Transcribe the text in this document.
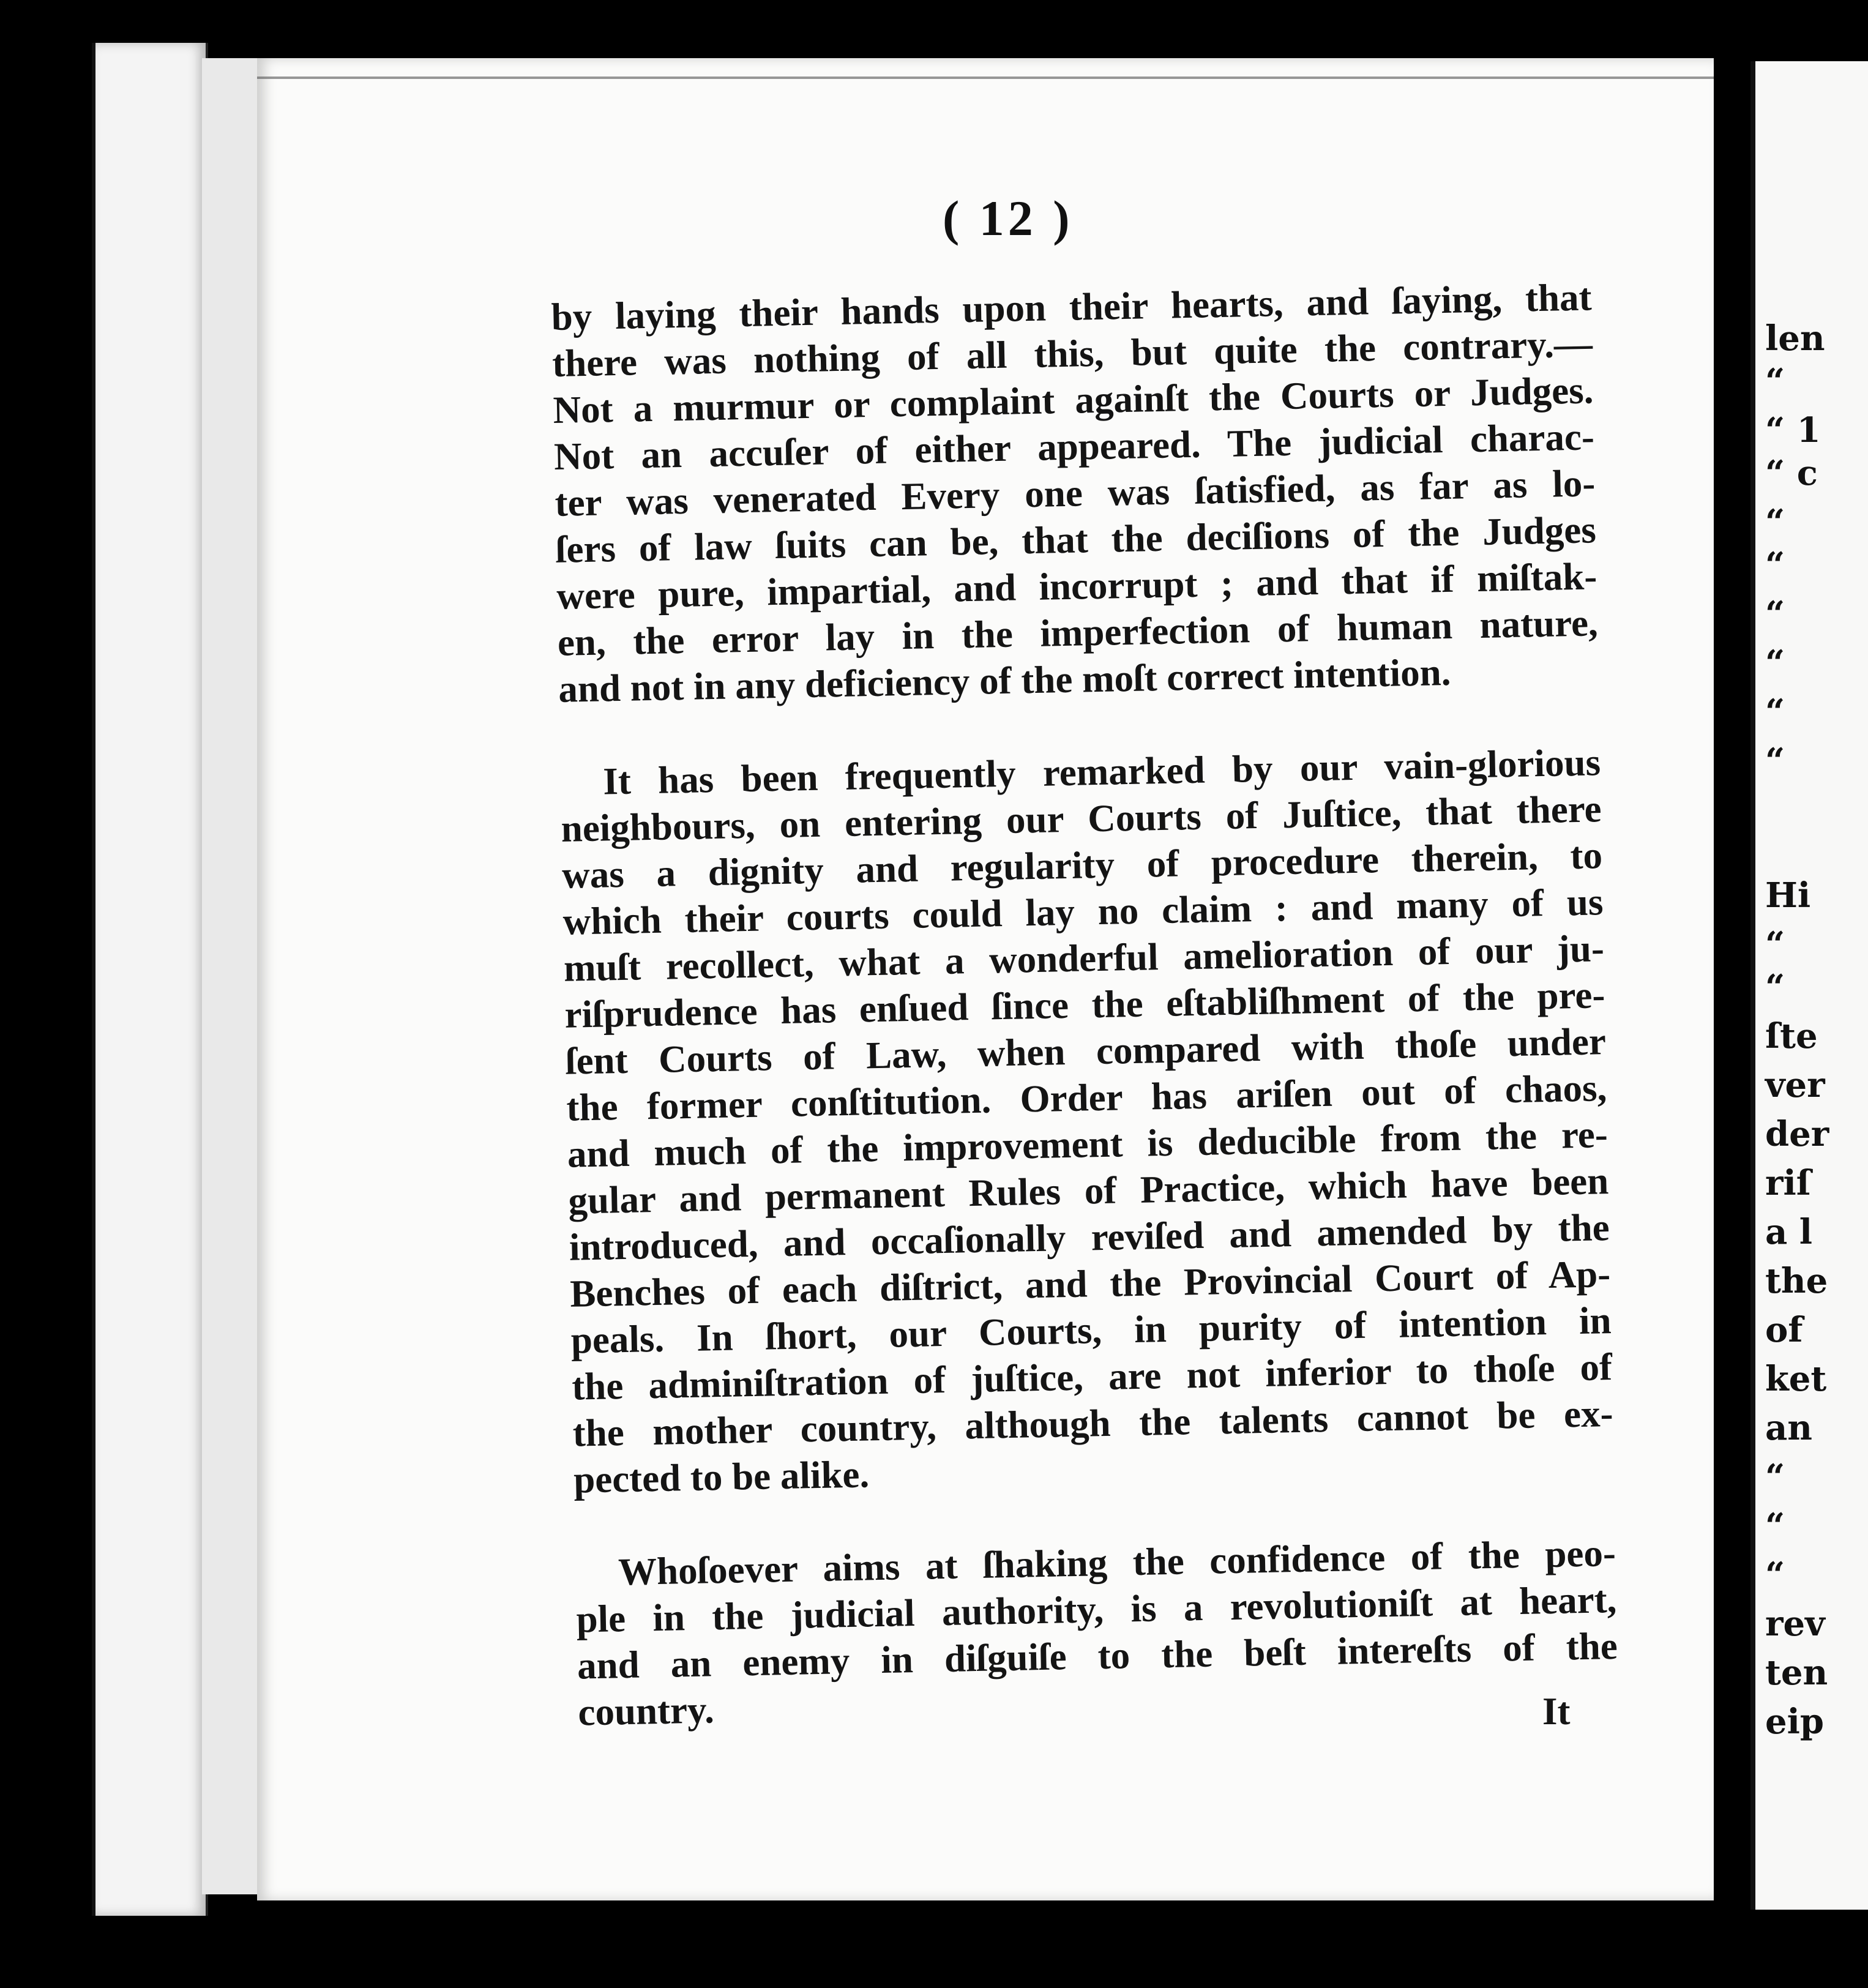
( 12 )

by laying their hands upon their hearts, and ſaying, that
there was nothing of all this, but quite the contrary.—
Not a murmur or complaint againſt the Courts or Judges.
Not an accuſer of either appeared. The judicial charac-
ter was venerated Every one was ſatisfied, as far as lo-
ſers of law ſuits can be, that the deciſions of the Judges
were pure, impartial, and incorrupt ; and that if miſtak-
en, the error lay in the imperfection of human nature,
and not in any deficiency of the moſt correct intention.

It has been frequently remarked by our vain-glorious
neighbours, on entering our Courts of Juſtice, that there
was a dignity and regularity of procedure therein, to
which their courts could lay no claim : and many of us
muſt recollect, what a wonderful amelioration of our ju-
riſprudence has enſued ſince the eſtabliſhment of the pre-
ſent Courts of Law, when compared with thoſe under
the former conſtitution. Order has ariſen out of chaos,
and much of the improvement is deducible from the re-
gular and permanent Rules of Practice, which have been
introduced, and occaſionally reviſed and amended by the
Benches of each diſtrict, and the Provincial Court of Ap-
peals. In ſhort, our Courts, in purity of intention in
the adminiſtration of juſtice, are not inferior to thoſe of
the mother country, although the talents cannot be ex-
pected to be alike.

Whoſoever aims at ſhaking the confidence of the peo-
ple in the judicial authority, is a revolutioniſt at heart,
and an enemy in diſguiſe to the beſt intereſts of the
country.	It
len
“
“ 1
“ c
“
“
“
“
“
“
Hi
“
“
ſte
ver
der
riſ
a l
the
of
ket
an
“
“
“
rev
ten
eip
